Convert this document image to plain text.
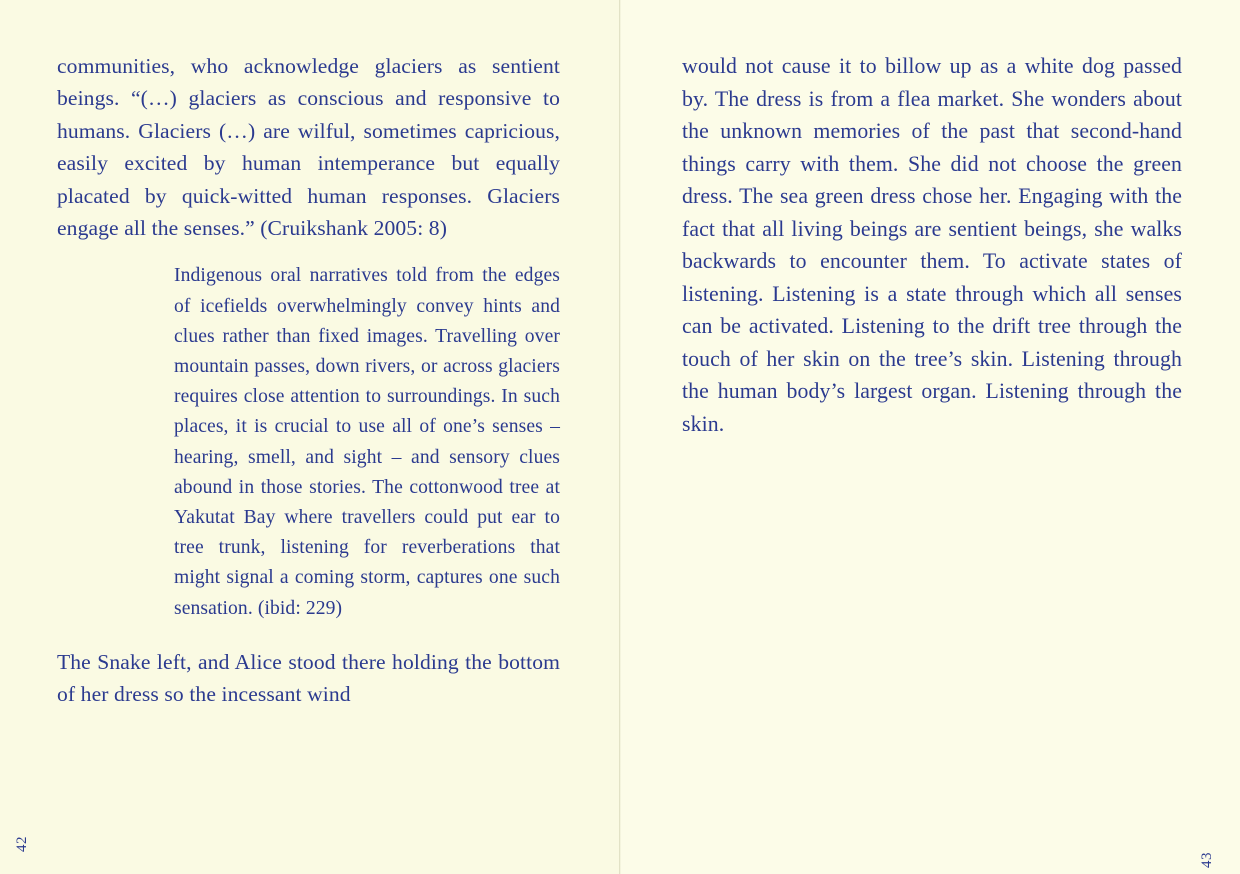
communities, who acknowledge glaciers as sentient beings. “(…) glaciers as conscious and responsive to humans. Glaciers (…) are wilful, sometimes capricious, easily excited by human intemperance but equally placated by quick-witted human responses. Glaciers engage all the senses.” (Cruikshank 2005: 8)

Indigenous oral narratives told from the edges of icefields overwhelmingly convey hints and clues rather than fixed images. Travelling over mountain passes, down rivers, or across glaciers requires close attention to surroundings. In such places, it is crucial to use all of one’s senses – hearing, smell, and sight – and sensory clues abound in those stories. The cottonwood tree at Yakutat Bay where travellers could put ear to tree trunk, listening for reverberations that might signal a coming storm, captures one such sensation. (ibid: 229)

The Snake left, and Alice stood there holding the bottom of her dress so the incessant wind

42

would not cause it to billow up as a white dog passed by. The dress is from a flea market. She wonders about the unknown memories of the past that second-hand things carry with them. She did not choose the green dress. The sea green dress chose her. Engaging with the fact that all living beings are sentient beings, she walks backwards to encounter them. To activate states of listening. Listening is a state through which all senses can be activated. Listening to the drift tree through the touch of her skin on the tree’s skin. Listening through the human body’s largest organ. Listening through the skin.

43
